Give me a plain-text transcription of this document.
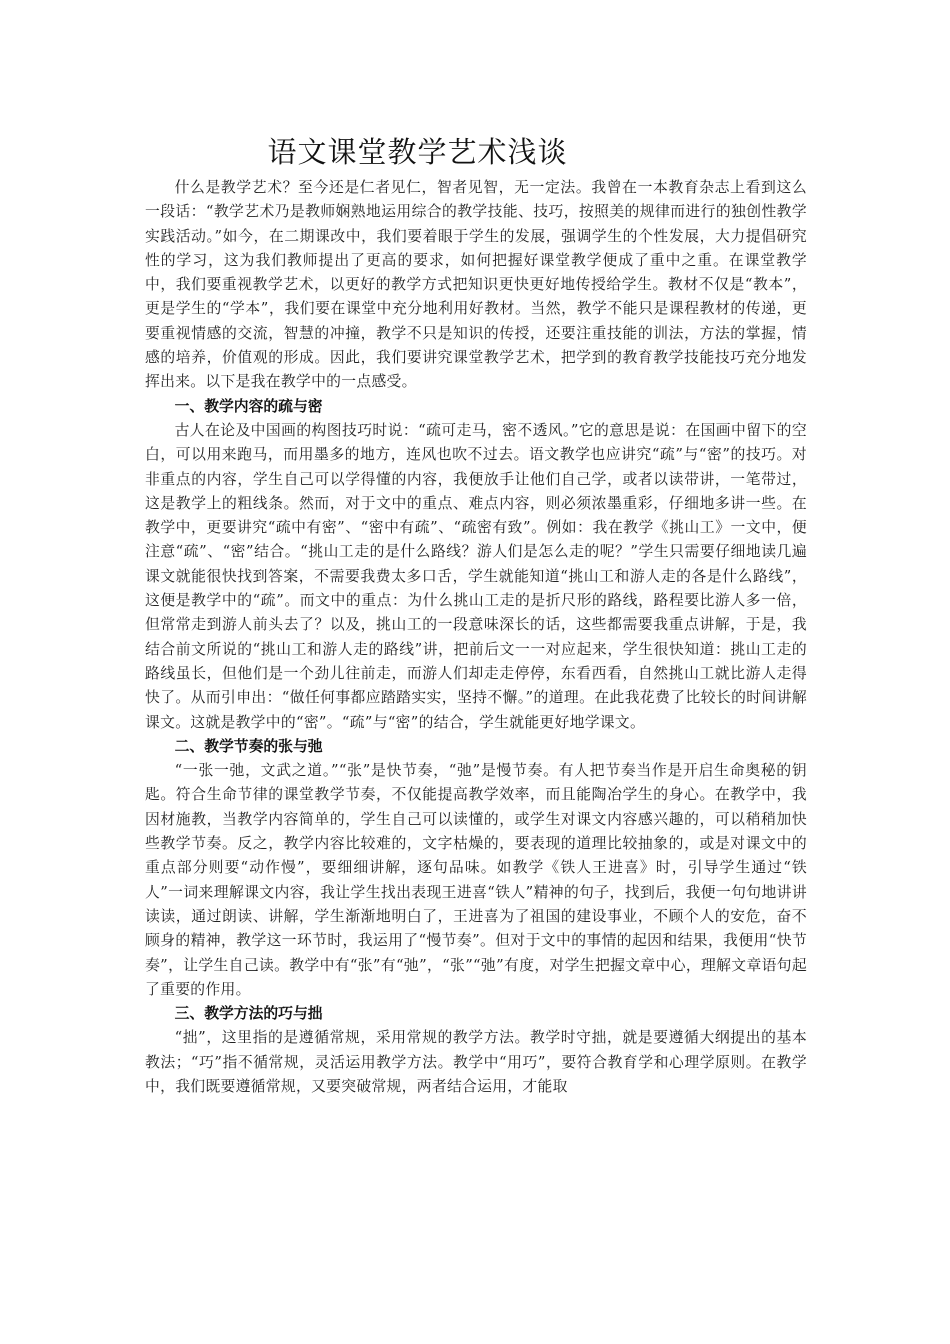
语文课堂教学艺术浅谈

什么是教学艺术？至今还是仁者见仁，智者见智，无一定法。我曾在一本教育杂志上看到这么一段话：“教学艺术乃是教师娴熟地运用综合的教学技能、技巧，按照美的规律而进行的独创性教学实践活动。”如今，在二期课改中，我们要着眼于学生的发展，强调学生的个性发展，大力提倡研究性的学习，这为我们教师提出了更高的要求，如何把握好课堂教学便成了重中之重。在课堂教学中，我们要重视教学艺术，以更好的教学方式把知识更快更好地传授给学生。教材不仅是“教本”，更是学生的“学本”，我们要在课堂中充分地利用好教材。当然，教学不能只是课程教材的传递，更要重视情感的交流，智慧的冲撞，教学不只是知识的传授，还要注重技能的训法，方法的掌握，情感的培养，价值观的形成。因此，我们要讲究课堂教学艺术，把学到的教育教学技能技巧充分地发挥出来。以下是我在教学中的一点感受。

一、教学内容的疏与密

古人在论及中国画的构图技巧时说：“疏可走马，密不透风。”它的意思是说：在国画中留下的空白，可以用来跑马，而用墨多的地方，连风也吹不过去。语文教学也应讲究“疏”与“密”的技巧。对非重点的内容，学生自己可以学得懂的内容，我便放手让他们自己学，或者以读带讲，一笔带过，这是教学上的粗线条。然而，对于文中的重点、难点内容，则必须浓墨重彩，仔细地多讲一些。在教学中，更要讲究“疏中有密”、“密中有疏”、“疏密有致”。例如：我在教学《挑山工》一文中，便注意“疏”、“密”结合。“挑山工走的是什么路线？游人们是怎么走的呢？”学生只需要仔细地读几遍课文就能很快找到答案，不需要我费太多口舌，学生就能知道“挑山工和游人走的各是什么路线”，这便是教学中的“疏”。而文中的重点：为什么挑山工走的是折尺形的路线，路程要比游人多一倍，但常常走到游人前头去了？以及，挑山工的一段意味深长的话，这些都需要我重点讲解，于是，我结合前文所说的“挑山工和游人走的路线”讲，把前后文一一对应起来，学生很快知道：挑山工走的路线虽长，但他们是一个劲儿往前走，而游人们却走走停停，东看西看，自然挑山工就比游人走得快了。从而引申出：“做任何事都应踏踏实实，坚持不懈。”的道理。在此我花费了比较长的时间讲解课文。这就是教学中的“密”。“疏”与“密”的结合，学生就能更好地学课文。

二、教学节奏的张与弛

“一张一弛，文武之道。”“张”是快节奏，“弛”是慢节奏。有人把节奏当作是开启生命奥秘的钥匙。符合生命节律的课堂教学节奏，不仅能提高教学效率，而且能陶冶学生的身心。在教学中，我因材施教，当教学内容简单的，学生自己可以读懂的，或学生对课文内容感兴趣的，可以稍稍加快些教学节奏。反之，教学内容比较难的，文字枯燥的，要表现的道理比较抽象的，或是对课文中的重点部分则要“动作慢”，要细细讲解，逐句品味。如教学《铁人王进喜》时，引导学生通过“铁人”一词来理解课文内容，我让学生找出表现王进喜“铁人”精神的句子，找到后，我便一句句地讲讲读读，通过朗读、讲解，学生渐渐地明白了，王进喜为了祖国的建设事业，不顾个人的安危，奋不顾身的精神，教学这一环节时，我运用了“慢节奏”。但对于文中的事情的起因和结果，我便用“快节奏”，让学生自己读。教学中有“张”有“弛”，“张”“弛”有度，对学生把握文章中心，理解文章语句起了重要的作用。

三、教学方法的巧与拙

“拙”，这里指的是遵循常规，采用常规的教学方法。教学时守拙，就是要遵循大纲提出的基本教法；“巧”指不循常规，灵活运用教学方法。教学中“用巧”，要符合教育学和心理学原则。在教学中，我们既要遵循常规，又要突破常规，两者结合运用，才能取
